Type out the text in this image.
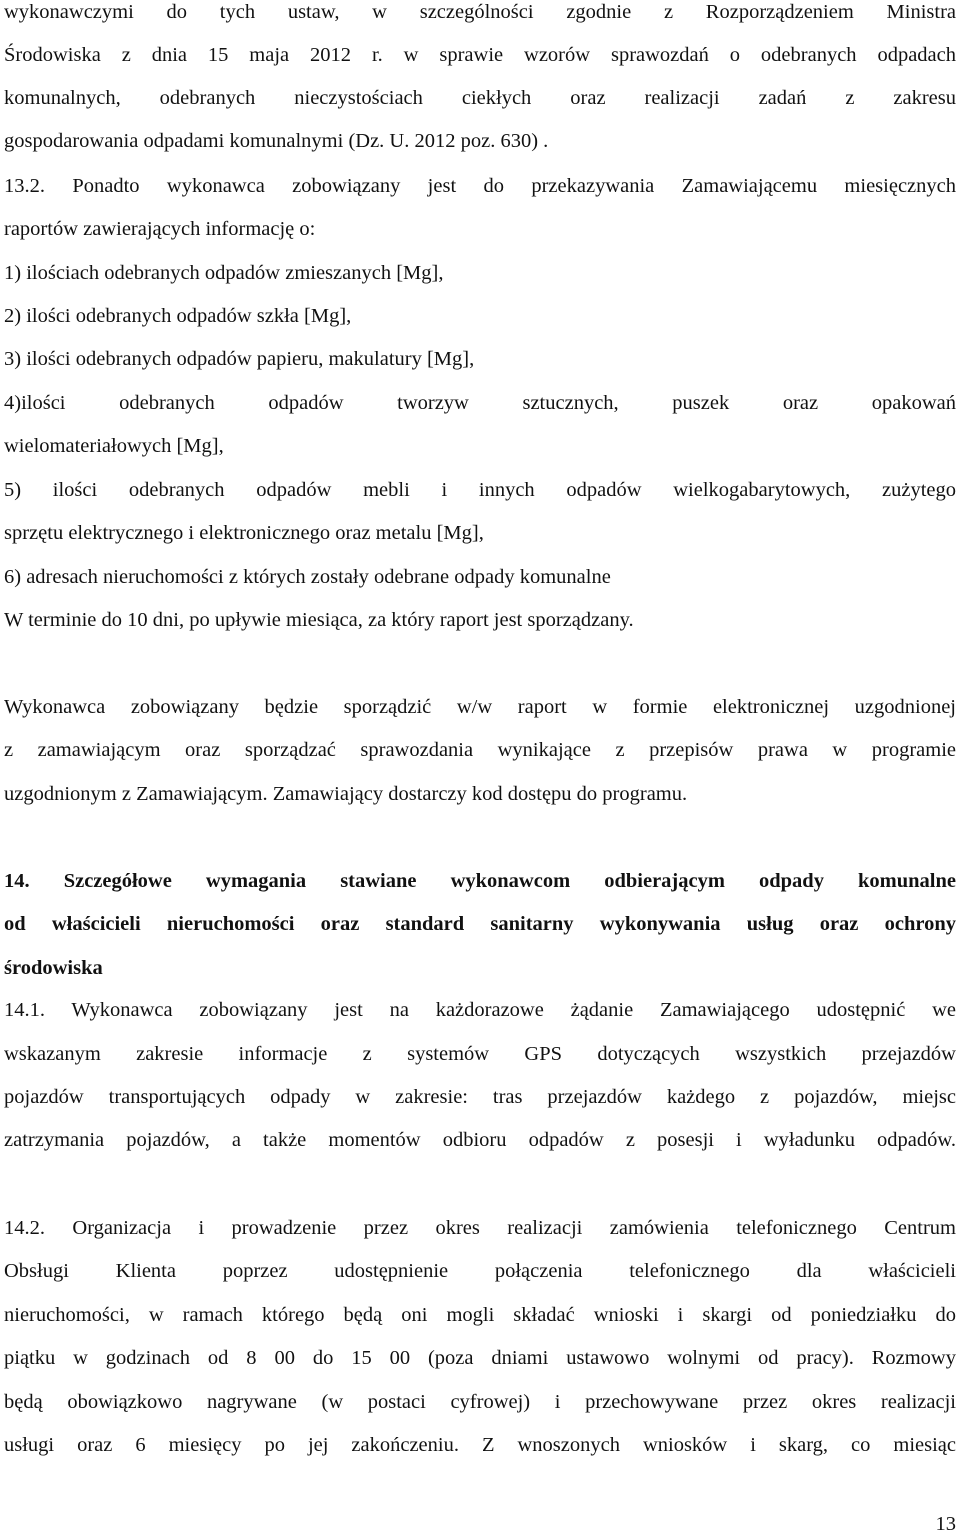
wykonawczymi do tych ustaw, w szczególności zgodnie z Rozporządzeniem Ministra
Środowiska z dnia 15 maja 2012 r. w sprawie wzorów sprawozdań o odebranych odpadach
komunalnych, odebranych nieczystościach ciekłych oraz realizacji zadań z zakresu
gospodarowania odpadami komunalnymi (Dz. U. 2012 poz. 630) .
13.2. Ponadto wykonawca zobowiązany jest do przekazywania Zamawiającemu miesięcznych
raportów zawierających informację o:
1) ilościach odebranych odpadów zmieszanych [Mg],
2) ilości odebranych odpadów szkła [Mg],
3) ilości odebranych odpadów papieru, makulatury [Mg],
4)ilości odebranych odpadów tworzyw sztucznych, puszek oraz opakowań
wielomateriałowych [Mg],
5) ilości odebranych odpadów mebli i innych odpadów wielkogabarytowych, zużytego
sprzętu elektrycznego i elektronicznego oraz metalu [Mg],
6) adresach nieruchomości z których zostały odebrane odpady komunalne
W terminie do 10 dni, po upływie miesiąca, za który raport jest sporządzany.
Wykonawca zobowiązany będzie sporządzić w/w raport w formie elektronicznej uzgodnionej
z zamawiającym oraz sporządzać sprawozdania wynikające z przepisów prawa w programie
uzgodnionym z Zamawiającym. Zamawiający dostarczy kod dostępu do programu.
14. Szczegółowe wymagania stawiane wykonawcom odbierającym odpady komunalne
od właścicieli nieruchomości oraz standard sanitarny wykonywania usług oraz ochrony
środowiska
14.1. Wykonawca zobowiązany jest na każdorazowe żądanie Zamawiającego udostępnić we
wskazanym zakresie informacje z systemów GPS dotyczących wszystkich przejazdów
pojazdów transportujących odpady w zakresie: tras przejazdów każdego z pojazdów, miejsc
zatrzymania pojazdów, a także momentów odbioru odpadów z posesji i wyładunku odpadów.
14.2. Organizacja i prowadzenie przez okres realizacji zamówienia telefonicznego Centrum
Obsługi Klienta poprzez udostępnienie połączenia telefonicznego dla właścicieli
nieruchomości, w ramach którego będą oni mogli składać wnioski i skargi od poniedziałku do
piątku w godzinach od 8 00 do 15 00 (poza dniami ustawowo wolnymi od pracy). Rozmowy
będą obowiązkowo nagrywane (w postaci cyfrowej) i przechowywane przez okres realizacji
usługi oraz 6 miesięcy po jej zakończeniu. Z wnoszonych wniosków i skarg, co miesiąc
13
